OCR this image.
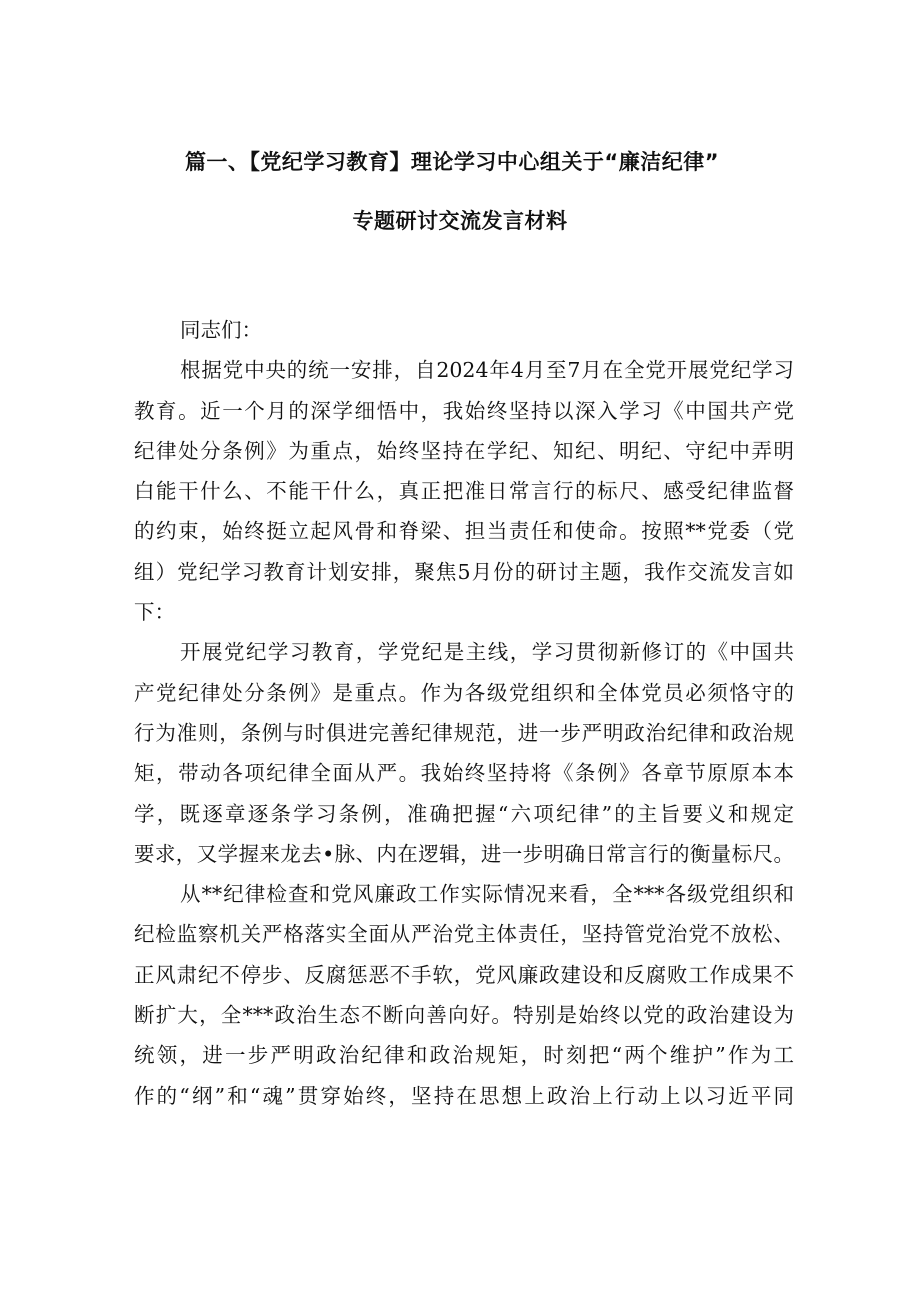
篇一、【党纪学习教育】理论学习中心组关于“廉洁纪律”
专题研讨交流发言材料

同志们：

根据党中央的统一安排，自2024年4月至7月在全党开展党纪学习
教育。近一个月的深学细悟中，我始终坚持以深入学习《中国共产党
纪律处分条例》为重点，始终坚持在学纪、知纪、明纪、守纪中弄明
白能干什么、不能干什么，真正把准日常言行的标尺、感受纪律监督
的约束，始终挺立起风骨和脊梁、担当责任和使命。按照**党委（党
组）党纪学习教育计划安排，聚焦5月份的研讨主题，我作交流发言如
下：
开展党纪学习教育，学党纪是主线，学习贯彻新修订的《中国共
产党纪律处分条例》是重点。作为各级党组织和全体党员必须恪守的
行为准则，条例与时俱进完善纪律规范，进一步严明政治纪律和政治规
矩，带动各项纪律全面从严。我始终坚持将《条例》各章节原原本本
学，既逐章逐条学习条例，准确把握“六项纪律”的主旨要义和规定
要求，又学握来龙去•脉、内在逻辑，进一步明确日常言行的衡量标尺。
从**纪律检查和党风廉政工作实际情况来看，全***各级党组织和
纪检监察机关严格落实全面从严治党主体责任，坚持管党治党不放松、
正风肃纪不停步、反腐惩恶不手软，党风廉政建设和反腐败工作成果不
断扩大，全***政治生态不断向善向好。特别是始终以党的政治建设为
统领，进一步严明政治纪律和政治规矩，时刻把“两个维护”作为工
作的“纲”和“魂”贯穿始终，坚持在思想上政治上行动上以习近平同
